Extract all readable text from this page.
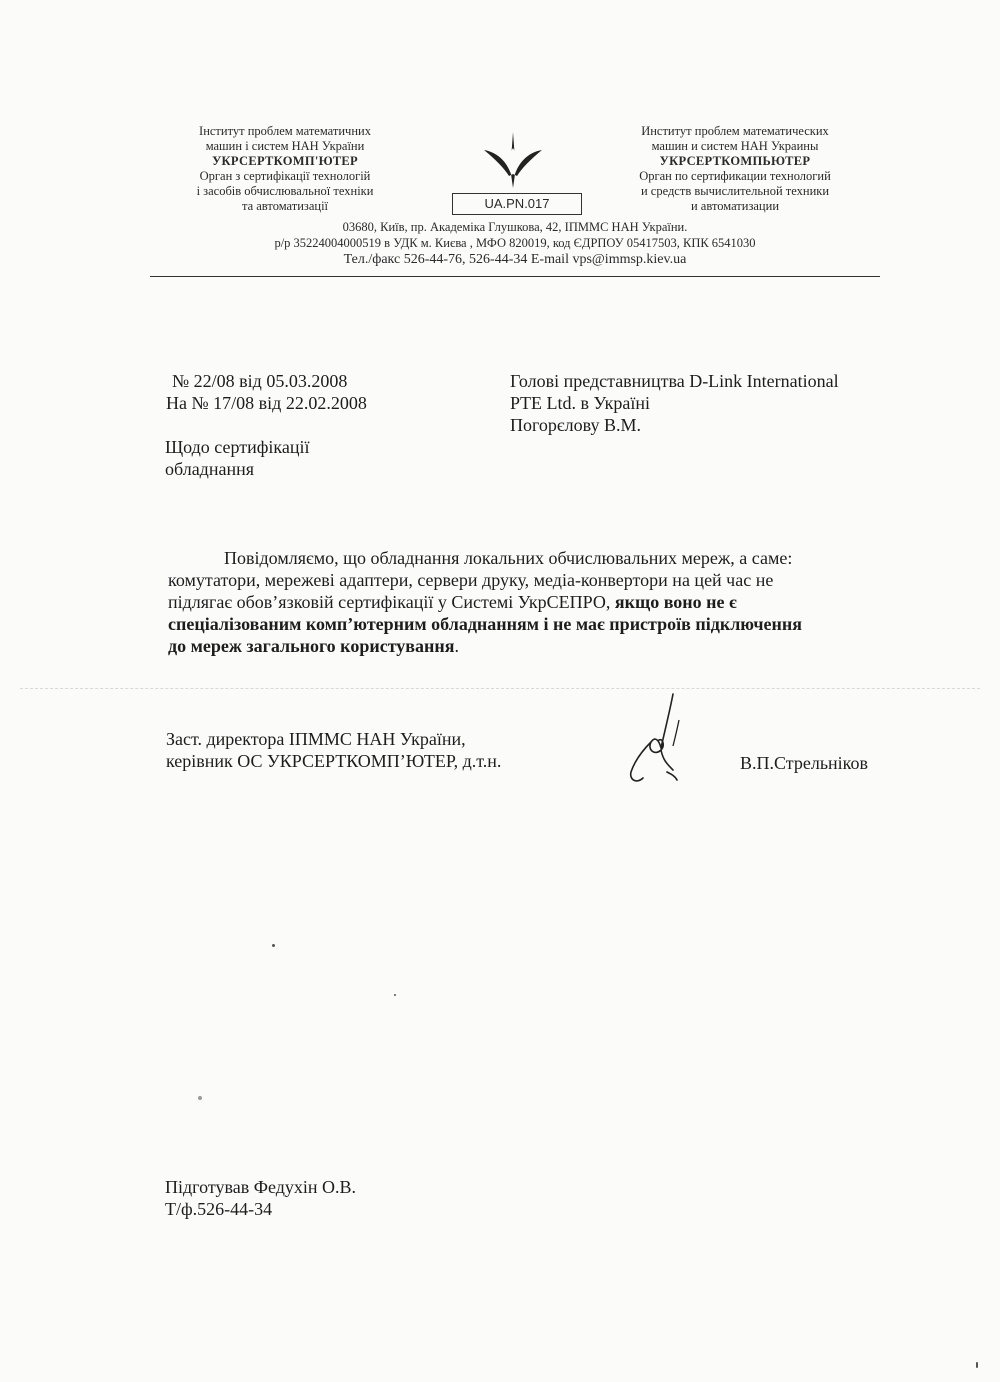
Інститут проблем математичних
машин і систем НАН України
УКРСЕРТКОМП'ЮТЕР
Орган з сертифікації технологій
і засобів обчислювальної техніки
та автоматизації	UA.PN.017
Институт проблем математических
машин и систем НАН Украины
УКРСЕРТКОМПЬЮТЕР
Орган по сертификации технологий
и средств вычислительной техники
и автоматизации
03680, Київ, пр. Академіка Глушкова, 42, ІПММС НАН України.
р/р 35224004000519 в УДК м. Києва , МФО 820019, код ЄДРПОУ 05417503, КПК 6541030
Тел./факс 526-44-76, 526-44-34 E-mail vps@immsp.kiev.ua
№ 22/08 від 05.03.2008
На № 17/08 від 22.02.2008
Голові представництва D-Link International
PTE Ltd. в Україні
Погорєлову В.М.
Щодо сертифікації
обладнання
Повідомляємо, що обладнання локальних обчислювальних мереж, а саме:
комутатори, мережеві адаптери, сервери друку, медіа-конвертори на цей час не
підлягає обов’язковій сертифікації у Системі УкрСЕПРО, якщо воно не є
спеціалізованим комп’ютерним обладнанням і не має пристроїв підключення
до мереж загального користування.
Заст. директора ІПММС НАН України,
керівник ОС УКРСЕРТКОМП’ЮТЕР, д.т.н.	В.П.Стрельніков
Підготував Федухін О.В.
Т/ф.526-44-34
